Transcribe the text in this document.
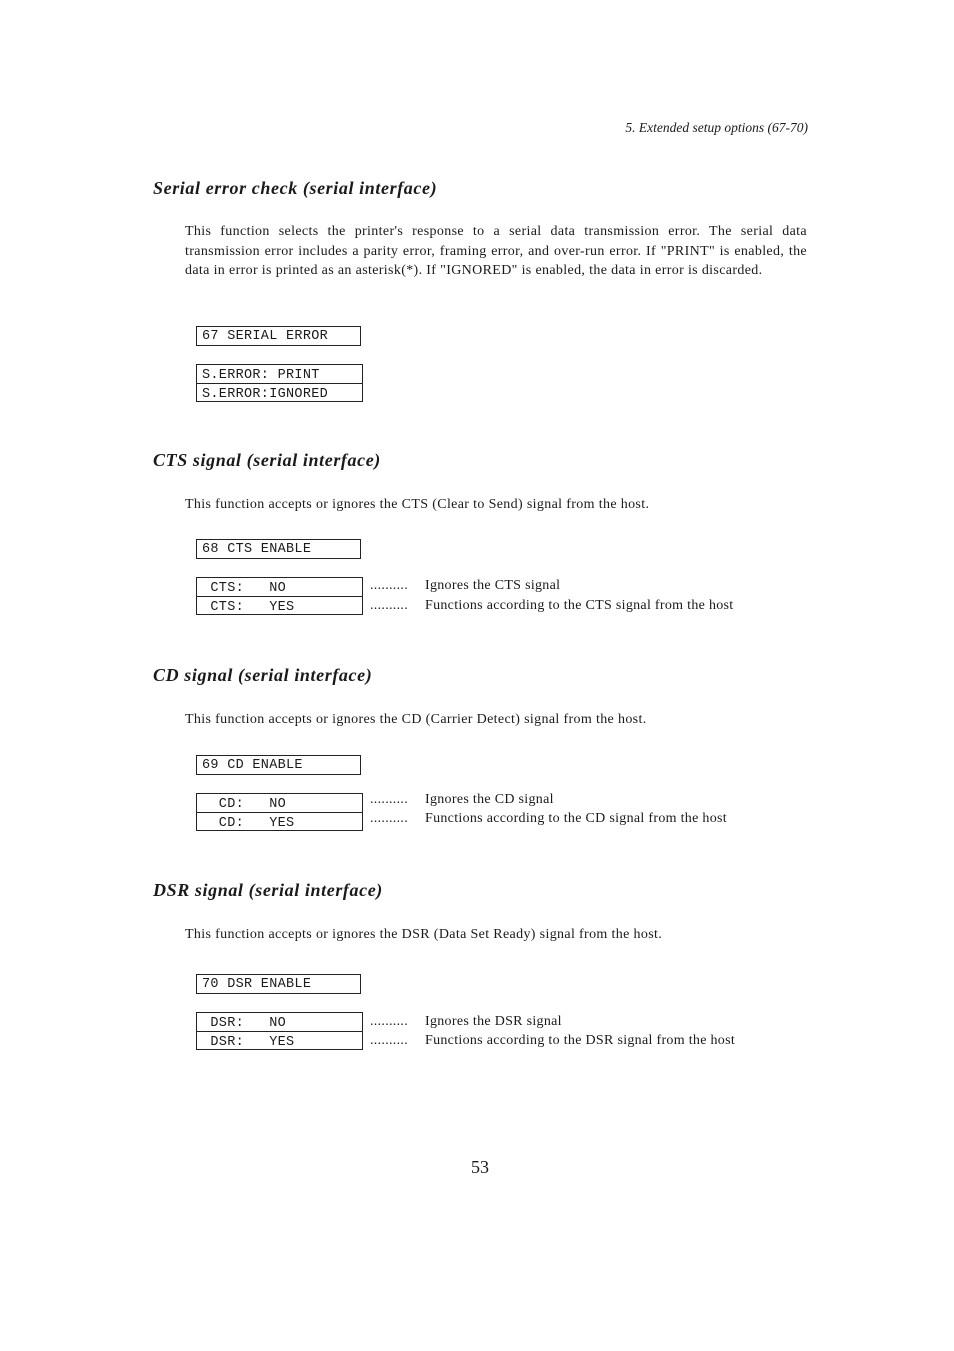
5. Extended setup options (67-70)
Serial error check (serial interface)

This function selects the printer's response to a serial data transmission error. The serial data transmission error includes a parity error, framing error, and over-run error. If "PRINT" is enabled, the data in error is printed as an asterisk(*). If "IGNORED" is enabled, the data in error is discarded.

67 SERIAL ERROR
S.ERROR: PRINT
S.ERROR:IGNORED
CTS signal (serial interface)

This function accepts or ignores the CTS (Clear to Send) signal from the host.

68 CTS ENABLE
CTS:   NO
CTS:   YES
.......... Ignores the CTS signal
.......... Functions according to the CTS signal from the host
CD signal (serial interface)

This function accepts or ignores the CD (Carrier Detect) signal from the host.

69 CD ENABLE
CD:   NO
CD:   YES
.......... Ignores the CD signal
.......... Functions according to the CD signal from the host
DSR signal (serial interface)

This function accepts or ignores the DSR (Data Set Ready) signal from the host.

70 DSR ENABLE
DSR:   NO
DSR:   YES
.......... Ignores the DSR signal
.......... Functions according to the DSR signal from the host
53
